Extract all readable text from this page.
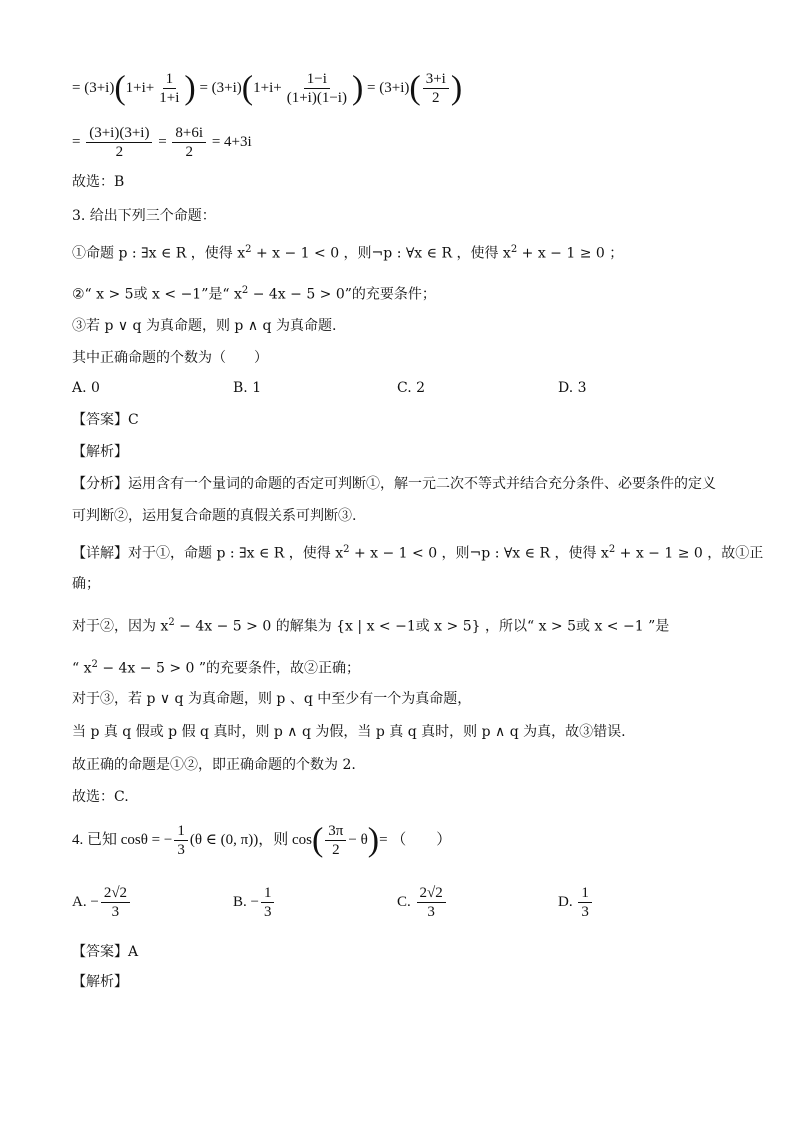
= $(3+i)(1+i+ \frac{1}{1+i}$ ) = $(3+i)(1+i+ \frac{1-i}{(1+i)(1-i)}$ ) = $(3+i)( \frac{3+i}{2}$ )
= $\frac{(3+i)(3+i)}{2} = \frac{8+6i}{2} = 4+3i$
故选：B
3. 给出下列三个命题：
①命题 p : ∃x ∈ R ，使得 $x^2 + x - 1 < 0$ ，则¬p : ∀x ∈ R ，使得 $x^2 + x - 1 \ge 0$ ；
②“ x > 5或 x < −1”是“ $x^2 - 4x - 5 > 0$”的充要条件；
③若 p ∨ q 为真命题，则 p ∧ q 为真命题.
其中正确命题的个数为（　　）
A. 0	B. 1	C. 2	D. 3
【答案】C
【解析】
【分析】运用含有一个量词的命题的否定可判断①，解一元二次不等式并结合充分条件、必要条件的定义
可判断②，运用复合命题的真假关系可判断③.
【详解】对于①，命题 p : ∃x ∈ R ，使得 $x^2 + x - 1 < 0$ ，则¬p : ∀x ∈ R ，使得 $x^2 + x - 1 \ge 0$ ，故①正
确；
对于②，因为 $x^2 - 4x - 5 > 0$ 的解集为 {x | x < −1或 x > 5} ，所以“ x > 5或 x < −1 ”是
“ $x^2 - 4x - 5 > 0$ ”的充要条件，故②正确；
对于③，若 p ∨ q 为真命题，则 p 、q 中至少有一个为真命题，
当 p 真 q 假或 p 假 q 真时，则 p ∧ q 为假，当 p 真 q 真时，则 p ∧ q 为真，故③错误.
故正确的命题是①②，即正确命题的个数为 2.
故选：C.
4. 已知 cosθ = − $\frac{1}{3} (\theta$ ∈ (0, π))，则 $\cos( \frac{3\pi}{2} - \theta)=$ （　　）
A. − $\frac{2√2}{3}$	B. − $\frac{1}{3}$	C. $\frac{2√2}{3}$	D. $\frac{1}{3}$
【答案】A
【解析】
